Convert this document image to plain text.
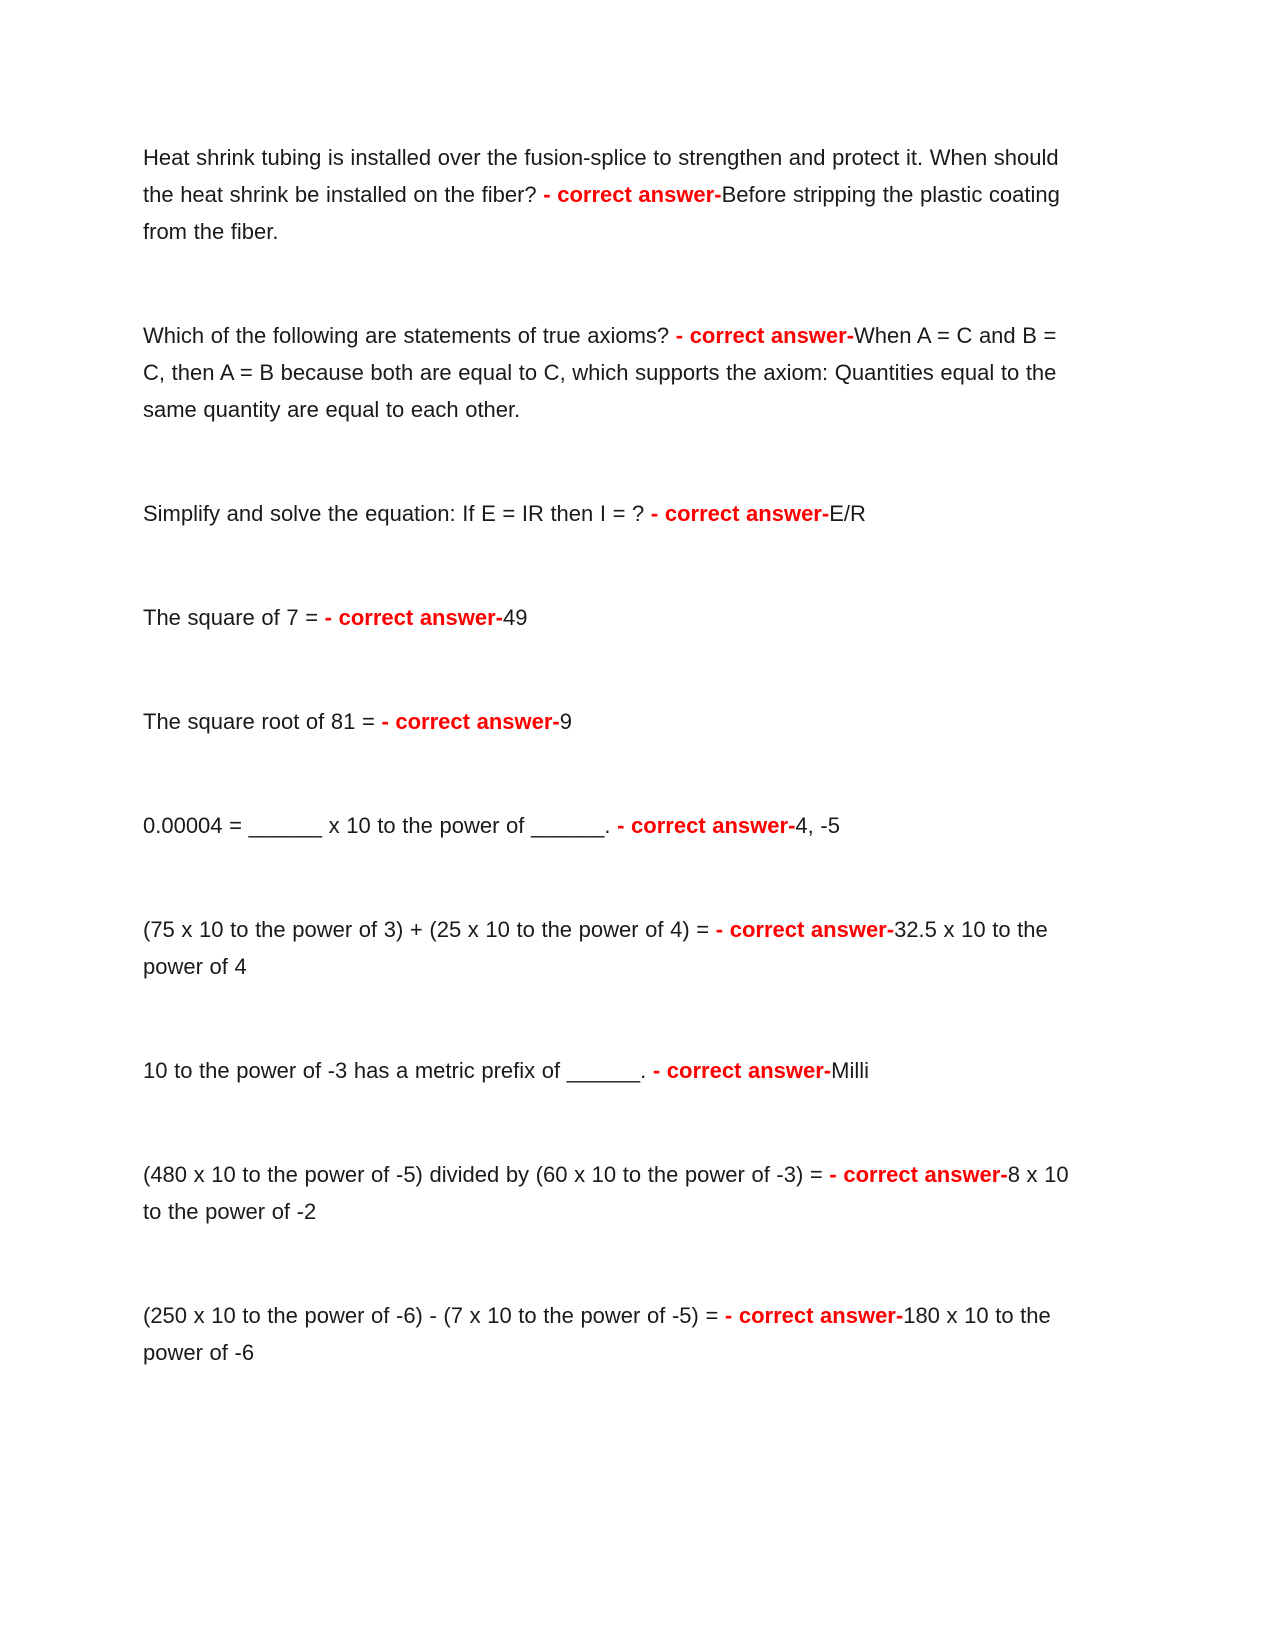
Heat shrink tubing is installed over the fusion-splice to strengthen and protect it. When should the heat shrink be installed on the fiber? - correct answer-Before stripping the plastic coating from the fiber.

Which of the following are statements of true axioms? - correct answer-When A = C and B = C, then A = B because both are equal to C, which supports the axiom: Quantities equal to the same quantity are equal to each other.

Simplify and solve the equation: If E = IR then I = ? - correct answer-E/R

The square of 7 = - correct answer-49

The square root of 81 = - correct answer-9

0.00004 = ______ x 10 to the power of ______. - correct answer-4, -5

(75 x 10 to the power of 3) + (25 x 10 to the power of 4) = - correct answer-32.5 x 10 to the power of 4

10 to the power of -3 has a metric prefix of ______. - correct answer-Milli

(480 x 10 to the power of -5) divided by (60 x 10 to the power of -3) = - correct answer-8 x 10 to the power of -2

(250 x 10 to the power of -6) - (7 x 10 to the power of -5) = - correct answer-180 x 10 to the power of -6
